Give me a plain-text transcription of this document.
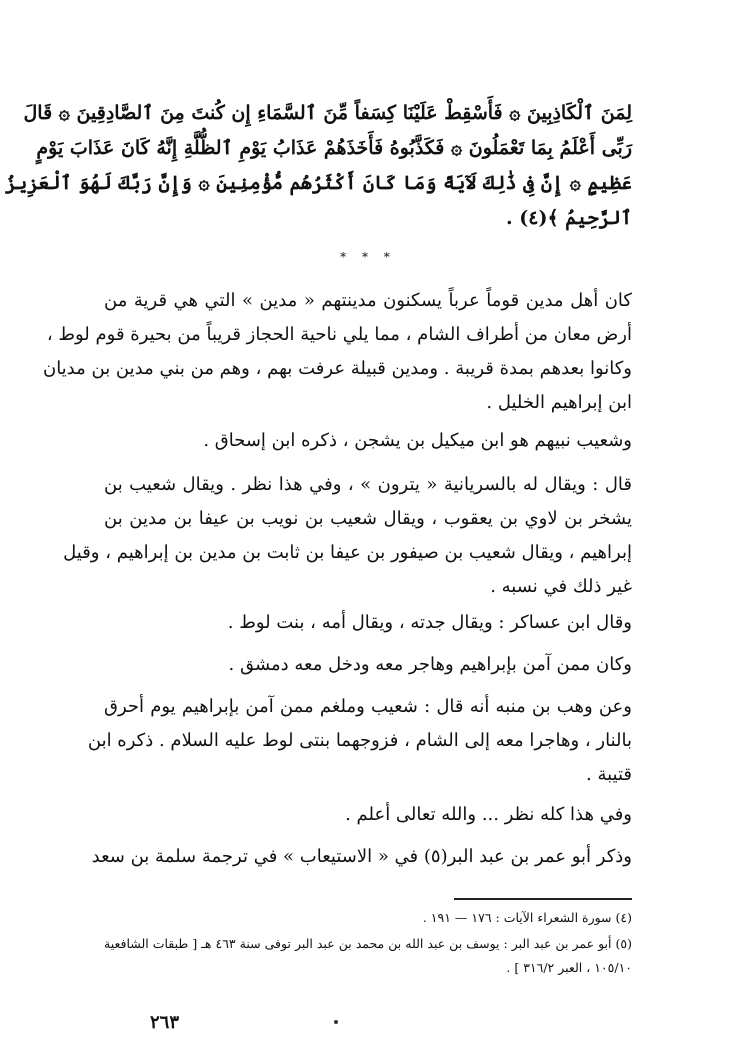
لِمَنَ ٱلْكَاذِبِينَ ۞ فَأَسْقِطْ عَلَيْنَا كِسَفاً مِّنَ ٱلسَّمَاءِ إِن كُنتَ مِنَ ٱلصَّادِقِينَ ۞ قَالَ
رَبِّى أَعْلَمُ بِمَا تَعْمَلُونَ ۞ فَكَذَّبُوهُ فَأَخَذَهُمْ عَذَابُ يَوْمِ ٱلظُّلَّةِ إِنَّهُ كَانَ عَذَابَ يَوْمٍ
عَظِيمٍ ۞ إِنَّ فِى ذَٰلِكَ لَآيَةً وَمَا كَانَ أَكْثَرُهُم مُّؤْمِنِينَ ۞ وَإِنَّ رَبَّكَ لَهُوَ ٱلْعَزِيزُ
ٱلرَّحِيمُ ﴾(٤) .
* * *
كان أهل مدين قوماً عرباً يسكنون مدينتهم « مدين » التي هي قرية من
أرض معان من أطراف الشام ، مما يلي ناحية الحجاز قريباً من بحيرة قوم لوط ،
وكانوا بعدهم بمدة قريبة . ومدين قبيلة عرفت بهم ، وهم من بني مدين بن مديان
ابن إبراهيم الخليل .
وشعيب نبيهم هو ابن ميكيل بن يشجن ، ذكره ابن إسحاق .
قال : ويقال له بالسريانية « يترون » ، وفي هذا نظر . ويقال شعيب بن
يشخر بن لاوي بن يعقوب ، ويقال شعيب بن نويب بن عيفا بن مدين بن
إبراهيم ، ويقال شعيب بن صيفور بن عيفا بن ثابت بن مدين بن إبراهيم ، وقيل
غير ذلك في نسبه .
وقال ابن عساكر : ويقال جدته ، ويقال أمه ، بنت لوط .
وكان ممن آمن بإبراهيم وهاجر معه ودخل معه دمشق .
وعن وهب بن منبه أنه قال : شعيب وملغم ممن آمن بإبراهيم يوم أحرق
بالنار ، وهاجرا معه إلى الشام ، فزوجهما بنتى لوط عليه السلام . ذكره ابن
قتيبة .
وفي هذا كله نظر ... والله تعالى أعلم .
وذكر أبو عمر بن عبد البر(٥) في « الاستيعاب » في ترجمة سلمة بن سعد
(٤) سورة الشعراء الآيات : ١٧٦ — ١٩١ .
(٥) أبو عمر بن عبد البر : يوسف بن عبد الله بن محمد بن عبد البر توفى سنة ٤٦٣ هـ [ طبقات الشافعية
١٠٥/١٠ ، العبر ٣١٦/٢ ] .
٢٦٣
